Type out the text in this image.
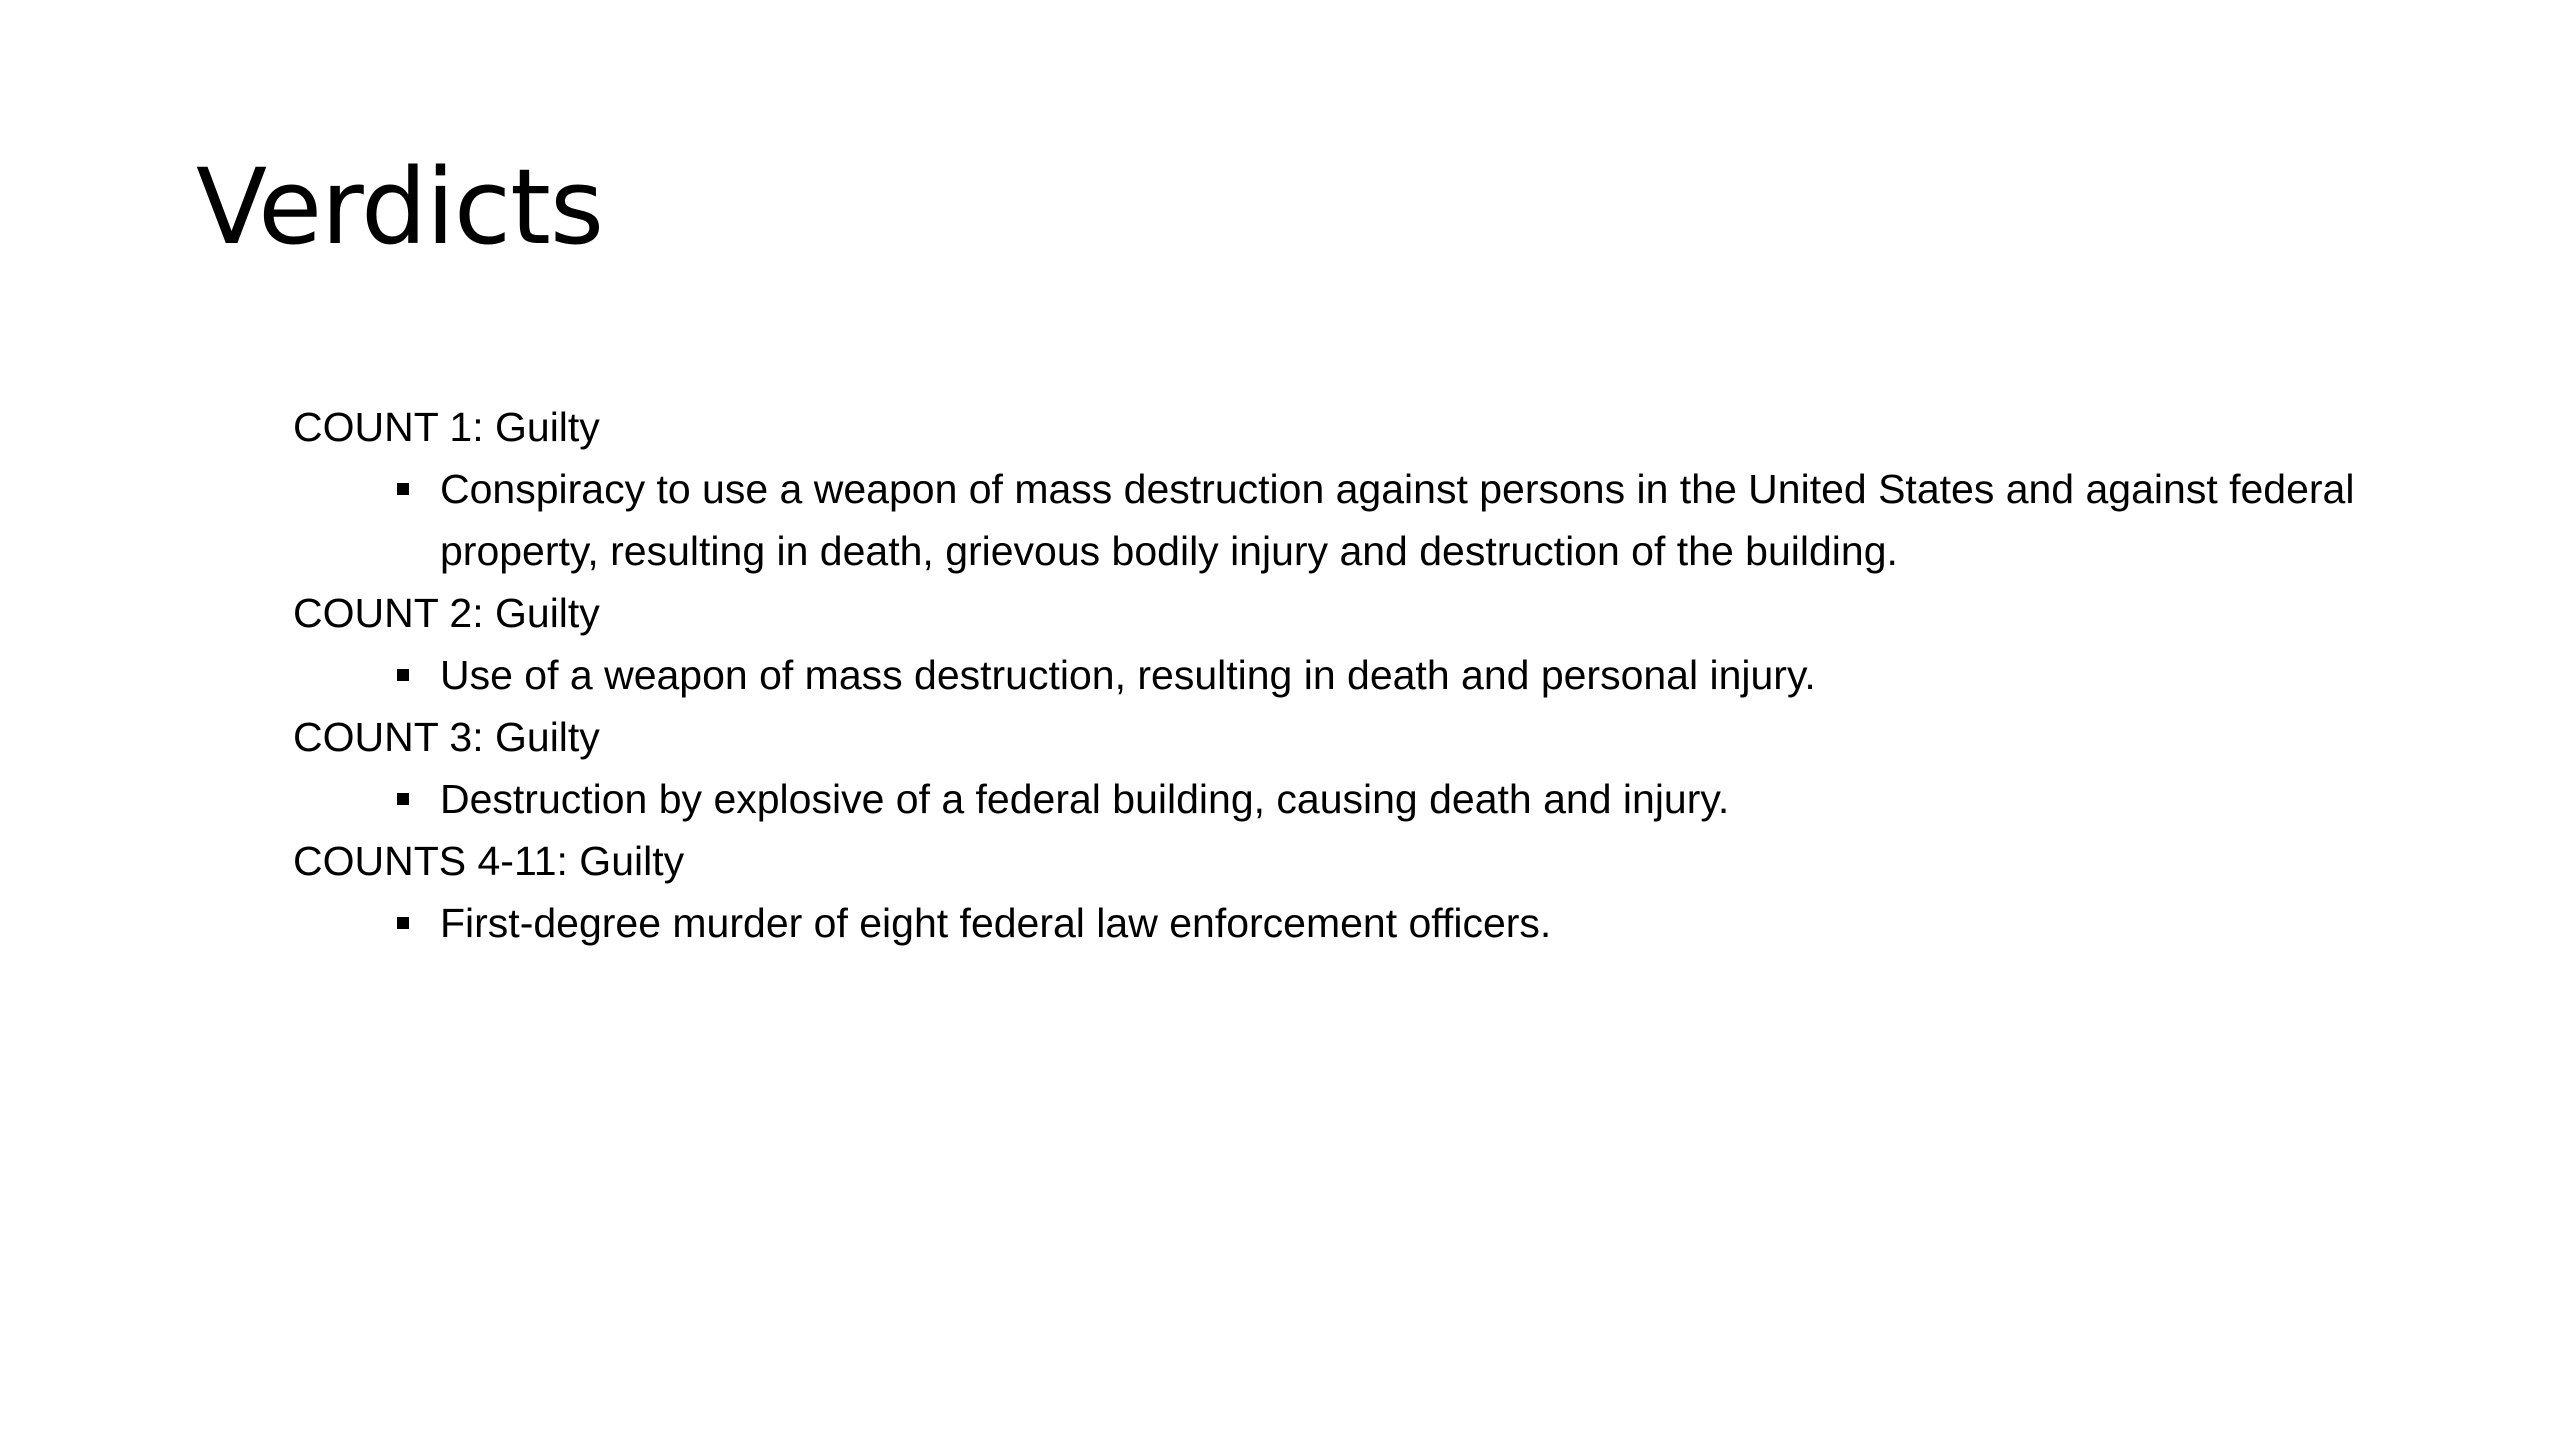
Verdicts

COUNT 1: Guilty

Conspiracy to use a weapon of mass destruction against persons in the United States and against federal property, resulting in death, grievous bodily injury and destruction of the building.

COUNT 2: Guilty

Use of a weapon of mass destruction, resulting in death and personal injury.

COUNT 3: Guilty

Destruction by explosive of a federal building, causing death and injury.

COUNTS 4-11: Guilty

First-degree murder of eight federal law enforcement officers.
